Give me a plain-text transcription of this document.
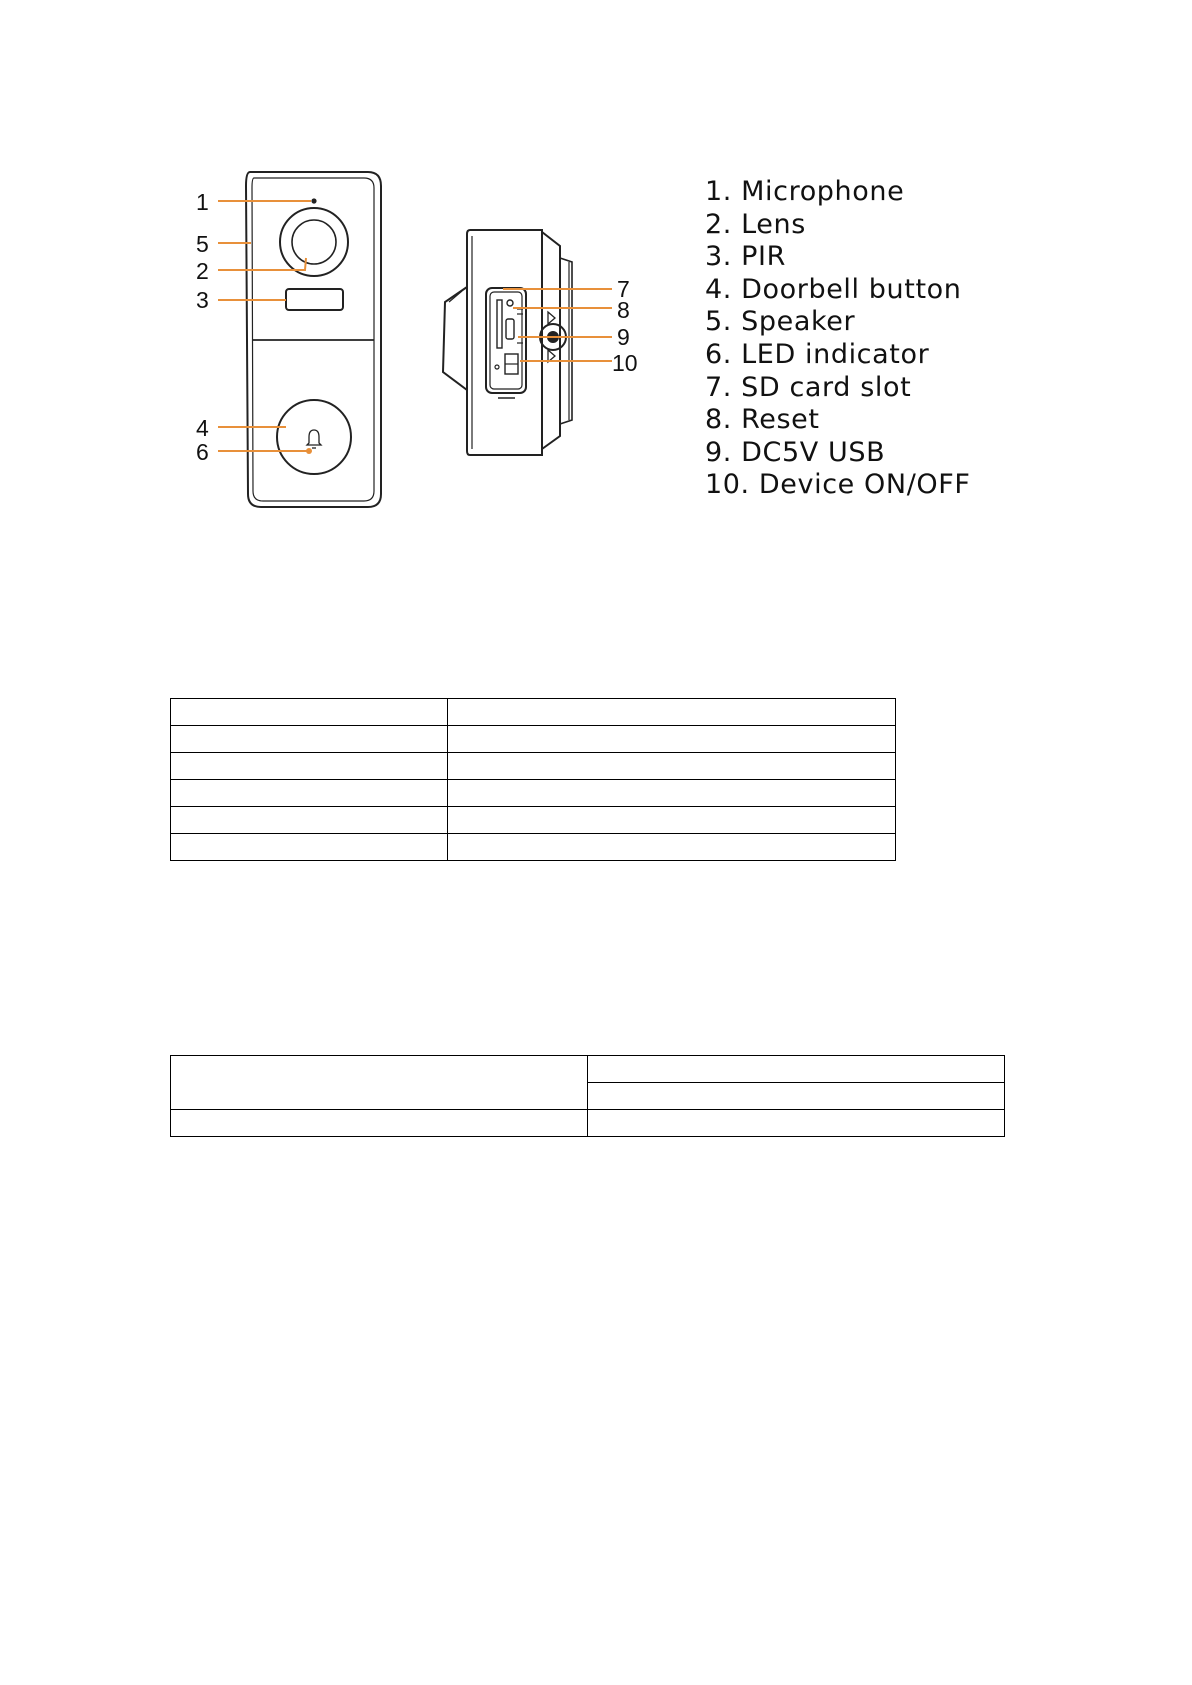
1
5
2
3
4
6
7
8
9
10
1. Microphone
2. Lens
3. PIR
4. Doorbell button
5. Speaker
6. LED indicator
7. SD card slot
8. Reset
9. DC5V USB
10. Device ON/OFF
